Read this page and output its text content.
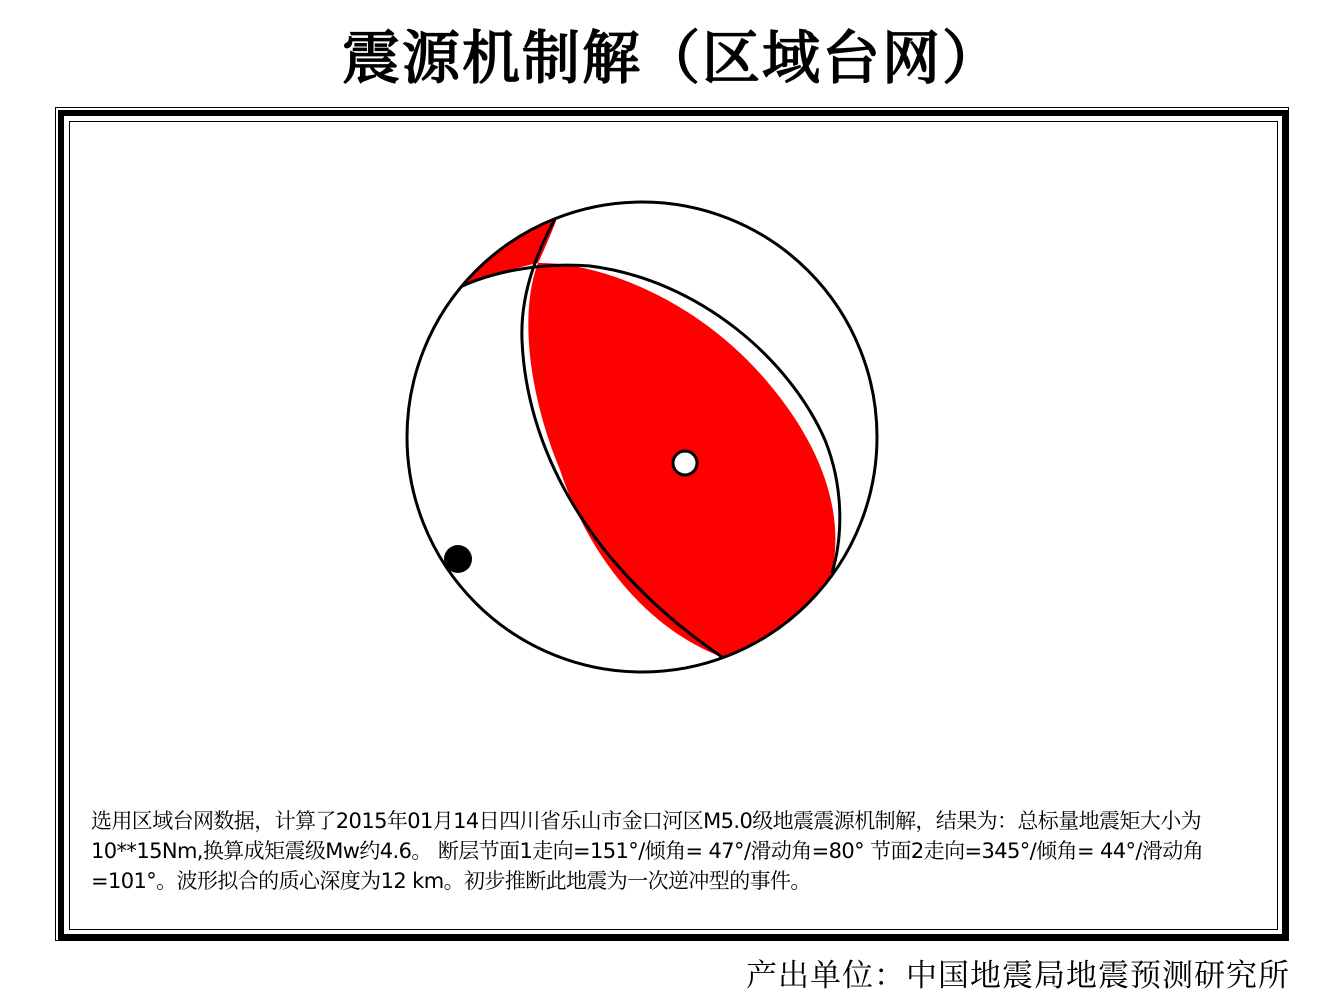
震源机制解（区域台网）
选用区域台网数据，计算了2015年01月14日四川省乐山市金口河区M5.0级地震震源机制解，结果为：总标量地震矩大小为10**15Nm,换算成矩震级Mw约4.6。 断层节面1走向=151°/倾角= 47°/滑动角=80° 节面2走向=345°/倾角= 44°/滑动角=101°。波形拟合的质心深度为12 km。初步推断此地震为一次逆冲型的事件。
产出单位：中国地震局地震预测研究所
